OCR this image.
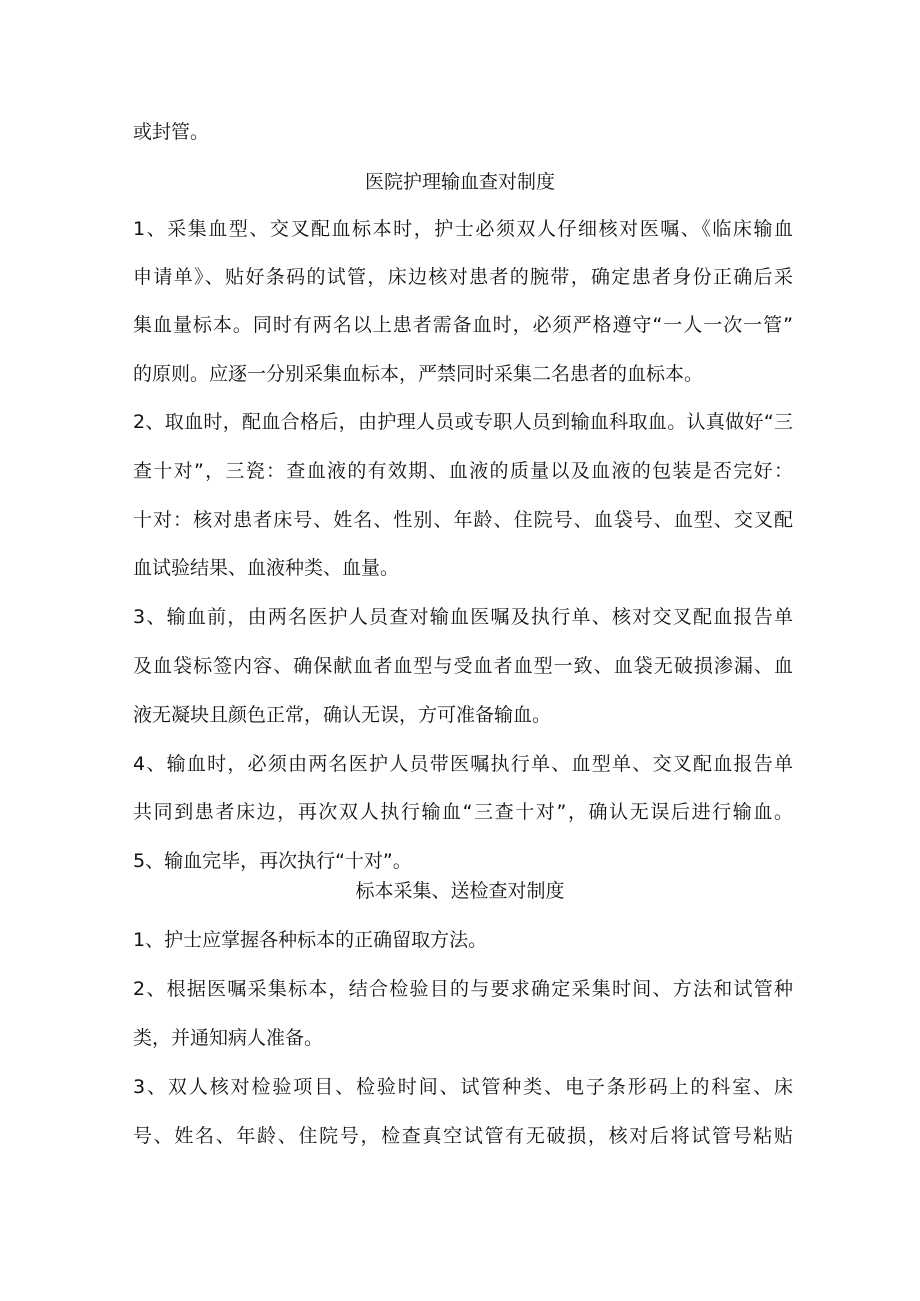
或封管。
医院护理输血查对制度
1、采集血型、交叉配血标本时，护士必须双人仔细核对医嘱、《临床输血
申请单》、贴好条码的试管，床边核对患者的腕带，确定患者身份正确后采
集血量标本。同时有两名以上患者需备血时，必须严格遵守“一人一次一管”
的原则。应逐一分别采集血标本，严禁同时采集二名患者的血标本。
2、取血时，配血合格后，由护理人员或专职人员到输血科取血。认真做好“三
查十对”，三瓷：查血液的有效期、血液的质量以及血液的包装是否完好：
十对：核对患者床号、姓名、性别、年龄、住院号、血袋号、血型、交叉配
血试验结果、血液种类、血量。
3、输血前，由两名医护人员查对输血医嘱及执行单、核对交叉配血报告单
及血袋标签内容、确保献血者血型与受血者血型一致、血袋无破损渗漏、血
液无凝块且颜色正常，确认无误，方可准备输血。
4、输血时，必须由两名医护人员带医嘱执行单、血型单、交叉配血报告单
共同到患者床边，再次双人执行输血“三查十对”，确认无误后进行输血。
5、输血完毕，再次执行“十对”。
标本采集、送检查对制度
1、护士应掌握各种标本的正确留取方法。
2、根据医嘱采集标本，结合检验目的与要求确定采集时间、方法和试管种
类，并通知病人准备。
3、双人核对检验项目、检验时间、试管种类、电子条形码上的科室、床
号、姓名、年龄、住院号，检查真空试管有无破损，核对后将试管号粘贴
